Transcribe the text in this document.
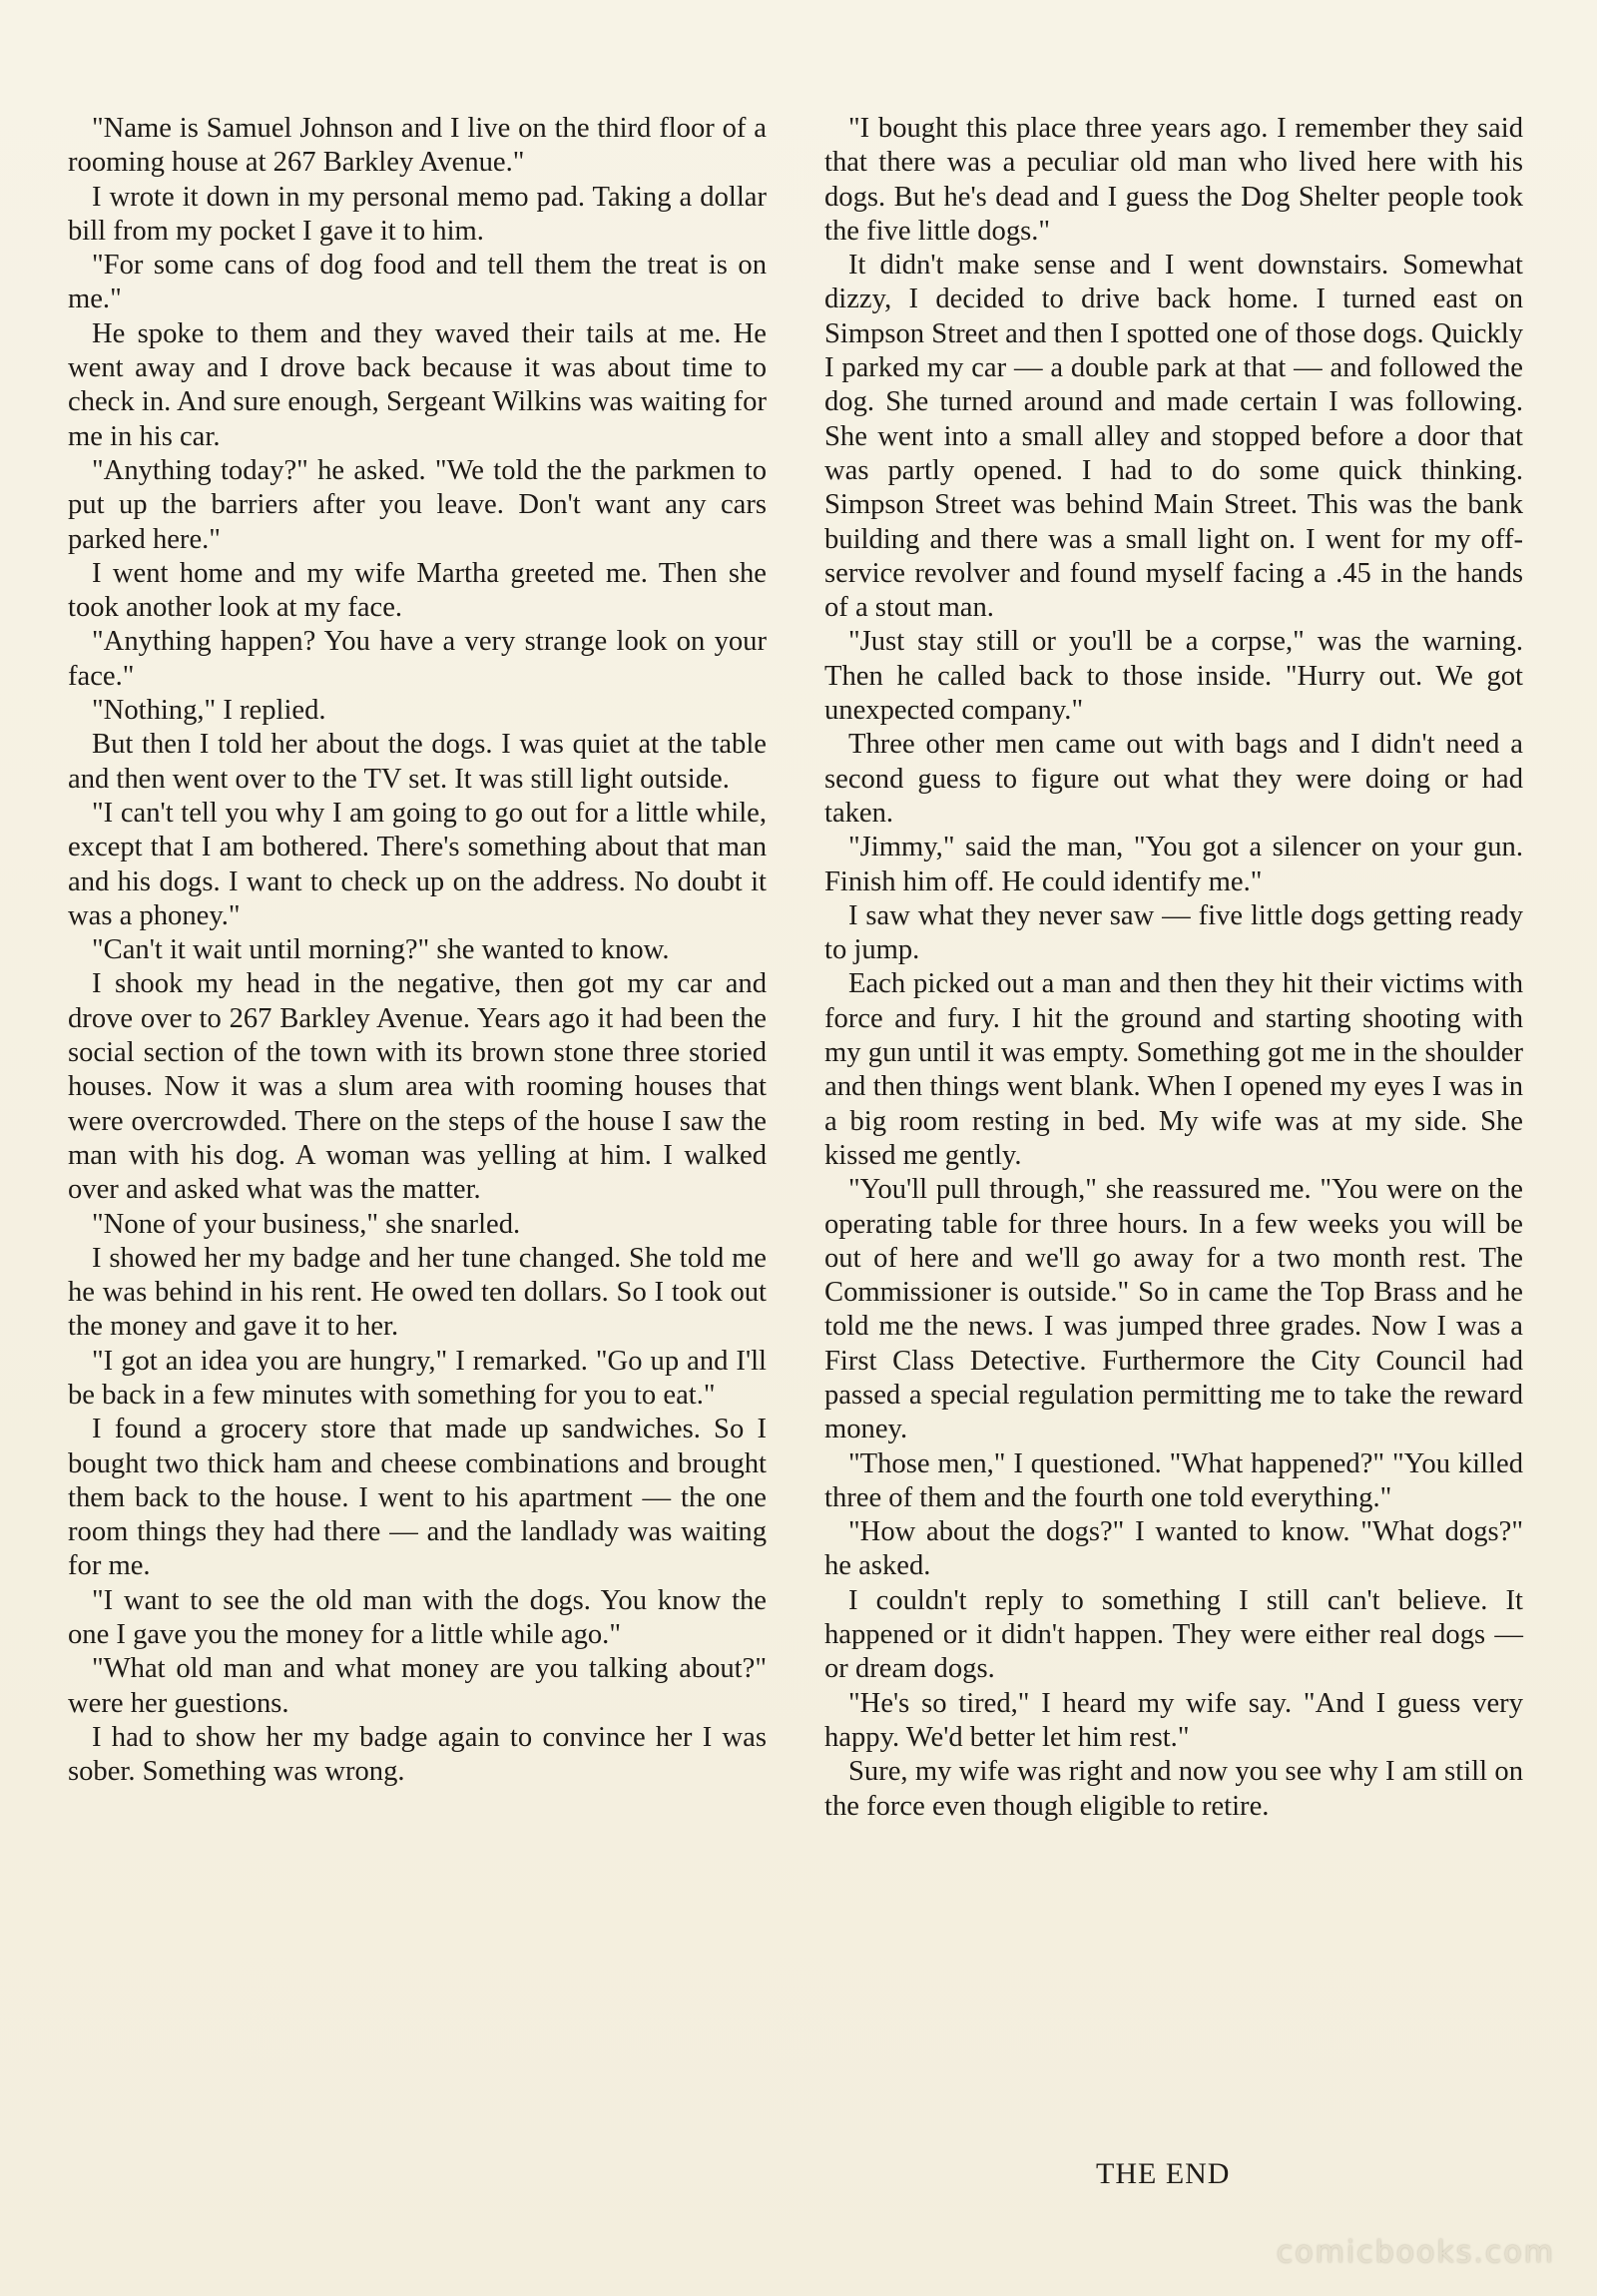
"Name is Samuel Johnson and I live on the third floor of a rooming house at 267 Barkley Avenue."

I wrote it down in my personal memo pad. Taking a dollar bill from my pocket I gave it to him.

"For some cans of dog food and tell them the treat is on me."

He spoke to them and they waved their tails at me. He went away and I drove back because it was about time to check in. And sure enough, Sergeant Wilkins was waiting for me in his car.

"Anything today?" he asked. "We told the the parkmen to put up the barriers after you leave. Don't want any cars parked here."

I went home and my wife Martha greeted me. Then she took another look at my face.

"Anything happen? You have a very strange look on your face."

"Nothing," I replied.

But then I told her about the dogs. I was quiet at the table and then went over to the TV set. It was still light outside.

"I can't tell you why I am going to go out for a little while, except that I am bothered. There's something about that man and his dogs. I want to check up on the address. No doubt it was a phoney."

"Can't it wait until morning?" she wanted to know.

I shook my head in the negative, then got my car and drove over to 267 Barkley Avenue. Years ago it had been the social section of the town with its brown stone three storied houses. Now it was a slum area with rooming houses that were overcrowded. There on the steps of the house I saw the man with his dog. A woman was yelling at him. I walked over and asked what was the matter.

"None of your business," she snarled.

I showed her my badge and her tune changed. She told me he was behind in his rent. He owed ten dollars. So I took out the money and gave it to her.

"I got an idea you are hungry," I remarked. "Go up and I'll be back in a few minutes with something for you to eat."

I found a grocery store that made up sandwiches. So I bought two thick ham and cheese combinations and brought them back to the house. I went to his apartment — the one room things they had there — and the landlady was waiting for me.

"I want to see the old man with the dogs. You know the one I gave you the money for a little while ago."

"What old man and what money are you talking about?" were her guestions.

I had to show her my badge again to convince her I was sober. Something was wrong.

"I bought this place three years ago. I remember they said that there was a peculiar old man who lived here with his dogs. But he's dead and I guess the Dog Shelter people took the five little dogs."

It didn't make sense and I went downstairs. Somewhat dizzy, I decided to drive back home. I turned east on Simpson Street and then I spotted one of those dogs. Quickly I parked my car — a double park at that — and followed the dog. She turned around and made certain I was following. She went into a small alley and stopped before a door that was partly opened. I had to do some quick thinking. Simpson Street was behind Main Street. This was the bank building and there was a small light on. I went for my off-service revolver and found myself facing a .45 in the hands of a stout man.

"Just stay still or you'll be a corpse," was the warning. Then he called back to those inside. "Hurry out. We got unexpected company."

Three other men came out with bags and I didn't need a second guess to figure out what they were doing or had taken.

"Jimmy," said the man, "You got a silencer on your gun. Finish him off. He could identify me."

I saw what they never saw — five little dogs getting ready to jump.

Each picked out a man and then they hit their victims with force and fury. I hit the ground and starting shooting with my gun until it was empty. Something got me in the shoulder and then things went blank. When I opened my eyes I was in a big room resting in bed. My wife was at my side. She kissed me gently.

"You'll pull through," she reassured me. "You were on the operating table for three hours. In a few weeks you will be out of here and we'll go away for a two month rest. The Commissioner is outside." So in came the Top Brass and he told me the news. I was jumped three grades. Now I was a First Class Detective. Furthermore the City Council had passed a special regulation permitting me to take the reward money.

"Those men," I questioned. "What happened?" "You killed three of them and the fourth one told everything."

"How about the dogs?" I wanted to know. "What dogs?" he asked.

I couldn't reply to something I still can't believe. It happened or it didn't happen. They were either real dogs — or dream dogs.

"He's so tired," I heard my wife say. "And I guess very happy. We'd better let him rest."

Sure, my wife was right and now you see why I am still on the force even though eligible to retire.

THE END
comicbooks.com
